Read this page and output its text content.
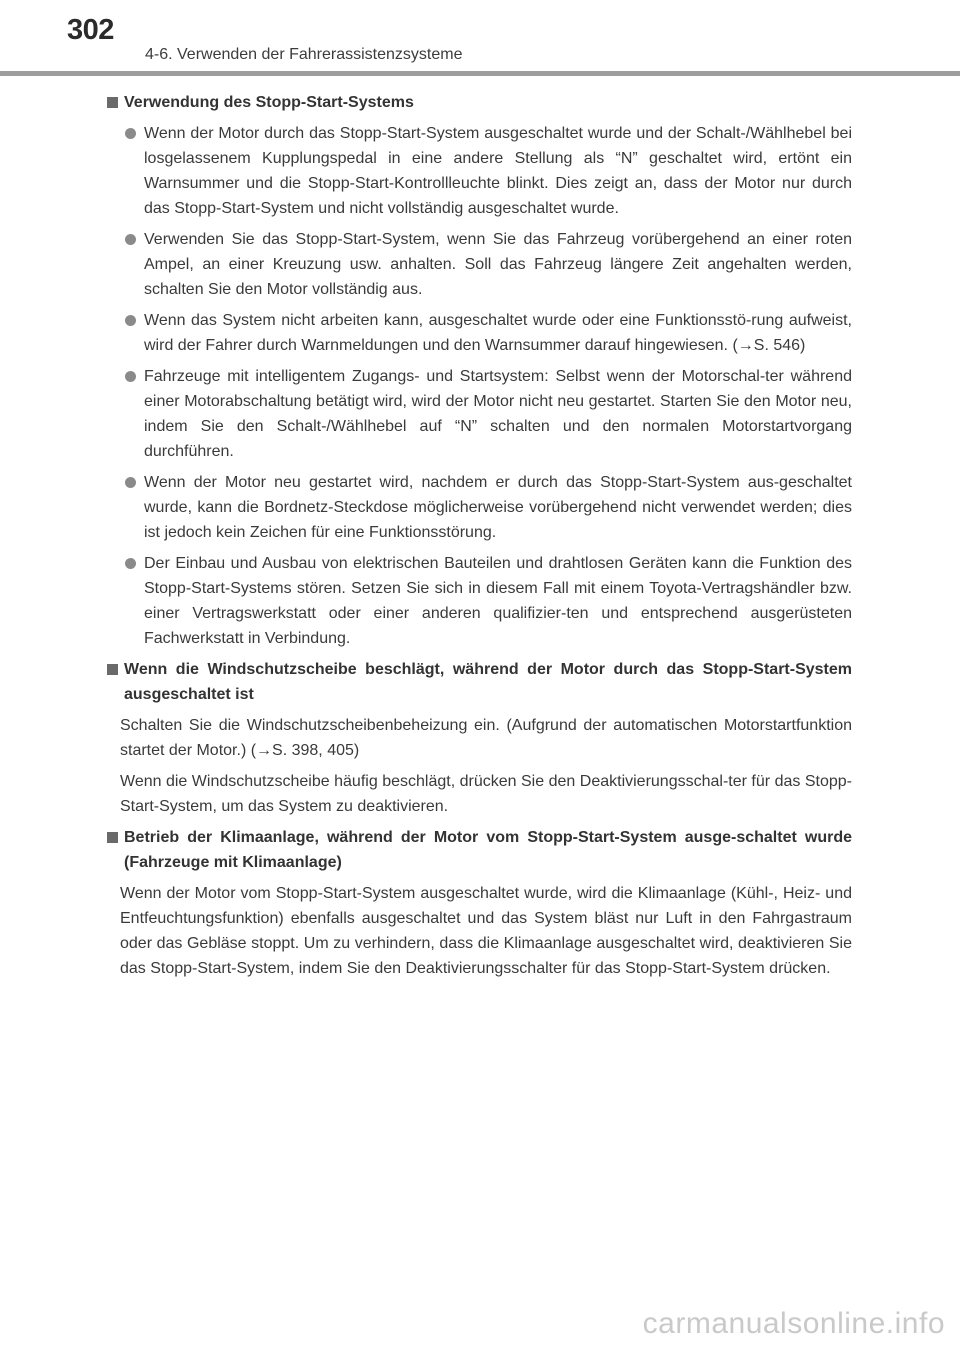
302
4-6. Verwenden der Fahrerassistenzsysteme
Verwendung des Stopp-Start-Systems
Wenn der Motor durch das Stopp-Start-System ausgeschaltet wurde und der Schalt-/Wählhebel bei losgelassenem Kupplungspedal in eine andere Stellung als “N” geschaltet wird, ertönt ein Warnsummer und die Stopp-Start-Kontrollleuchte blinkt. Dies zeigt an, dass der Motor nur durch das Stopp-Start-System und nicht vollständig ausgeschaltet wurde.
Verwenden Sie das Stopp-Start-System, wenn Sie das Fahrzeug vorübergehend an einer roten Ampel, an einer Kreuzung usw. anhalten. Soll das Fahrzeug längere Zeit angehalten werden, schalten Sie den Motor vollständig aus.
Wenn das System nicht arbeiten kann, ausgeschaltet wurde oder eine Funktionsstö-rung aufweist, wird der Fahrer durch Warnmeldungen und den Warnsummer darauf hingewiesen. (→S. 546)
Fahrzeuge mit intelligentem Zugangs- und Startsystem: Selbst wenn der Motorschal-ter während einer Motorabschaltung betätigt wird, wird der Motor nicht neu gestartet. Starten Sie den Motor neu, indem Sie den Schalt-/Wählhebel auf “N” schalten und den normalen Motorstartvorgang durchführen.
Wenn der Motor neu gestartet wird, nachdem er durch das Stopp-Start-System aus-geschaltet wurde, kann die Bordnetz-Steckdose möglicherweise vorübergehend nicht verwendet werden; dies ist jedoch kein Zeichen für eine Funktionsstörung.
Der Einbau und Ausbau von elektrischen Bauteilen und drahtlosen Geräten kann die Funktion des Stopp-Start-Systems stören. Setzen Sie sich in diesem Fall mit einem Toyota-Vertragshändler bzw. einer Vertragswerkstatt oder einer anderen qualifizier-ten und entsprechend ausgerüsteten Fachwerkstatt in Verbindung.
Wenn die Windschutzscheibe beschlägt, während der Motor durch das Stopp-Start-System ausgeschaltet ist
Schalten Sie die Windschutzscheibenbeheizung ein. (Aufgrund der automatischen Motorstartfunktion startet der Motor.) (→S. 398, 405)
Wenn die Windschutzscheibe häufig beschlägt, drücken Sie den Deaktivierungsschal-ter für das Stopp-Start-System, um das System zu deaktivieren.
Betrieb der Klimaanlage, während der Motor vom Stopp-Start-System ausge-schaltet wurde (Fahrzeuge mit Klimaanlage)
Wenn der Motor vom Stopp-Start-System ausgeschaltet wurde, wird die Klimaanlage (Kühl-, Heiz- und Entfeuchtungsfunktion) ebenfalls ausgeschaltet und das System bläst nur Luft in den Fahrgastraum oder das Gebläse stoppt. Um zu verhindern, dass die Klimaanlage ausgeschaltet wird, deaktivieren Sie das Stopp-Start-System, indem Sie den Deaktivierungsschalter für das Stopp-Start-System drücken.
carmanualsonline.info
